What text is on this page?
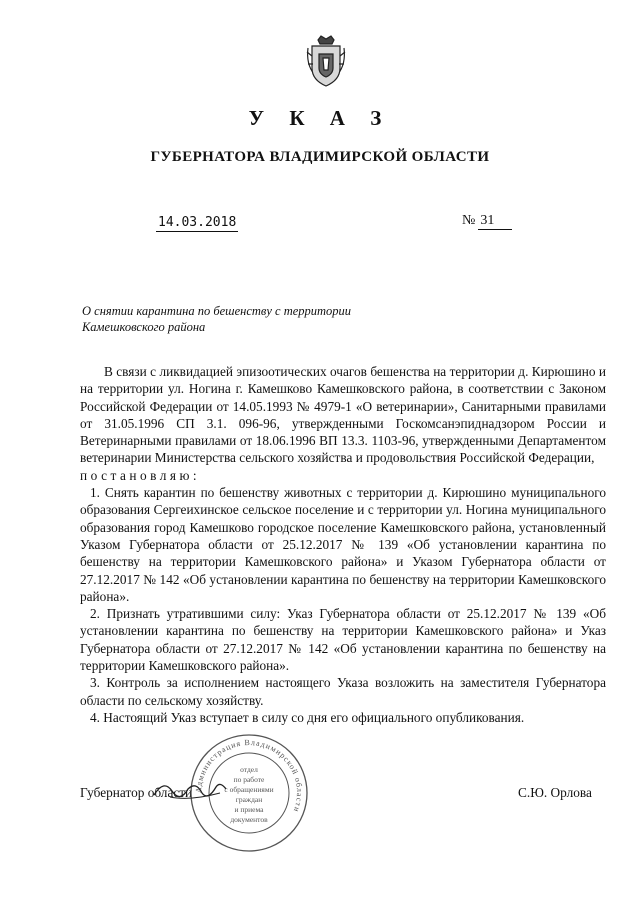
У К А З
ГУБЕРНАТОРА ВЛАДИМИРСКОЙ ОБЛАСТИ
14.03.2018	№ 31
О снятии карантина по бешенству с территории
Камешковского района

В связи с ликвидацией эпизоотических очагов бешенства на территории д. Кирюшино и на территории ул. Ногина г. Камешково Камешковского района, в соответствии с Законом Российской Федерации от 14.05.1993 № 4979-1 «О ветеринарии», Санитарными правилами от 31.05.1996 СП 3.1. 096-96, утвержденными Госкомсанэпиднадзором России и Ветеринарными правилами от 18.06.1996 ВП 13.3. 1103-96, утвержденными Департаментом ветеринарии Министерства сельского хозяйства и продовольствия Российской Федерации,

постановляю:

1. Снять карантин по бешенству животных с территории д. Кирюшино муниципального образования Сергеихинское сельское поселение и с территории ул. Ногина муниципального образования город Камешково городское поселение Камешковского района, установленный Указом Губернатора области от 25.12.2017 № 139 «Об установлении карантина по бешенству на территории Камешковского района» и Указом Губернатора области от 27.12.2017 № 142 «Об установлении карантина по бешенству на территории Камешковского района».

2. Признать утратившими силу: Указ Губернатора области от 25.12.2017 № 139 «Об установлении карантина по бешенству на территории Камешковского района» и Указ Губернатора области от 27.12.2017 № 142 «Об установлении карантина по бешенству на территории Камешковского района».

3. Контроль за исполнением настоящего Указа возложить на заместителя Губернатора области по сельскому хозяйству.

4. Настоящий Указ вступает в силу со дня его официального опубликования.

Губернатор области	С.Ю. Орлова
Администрация Владимирской области
отдел
по работе
с обращениями
граждан
и приема
документов
